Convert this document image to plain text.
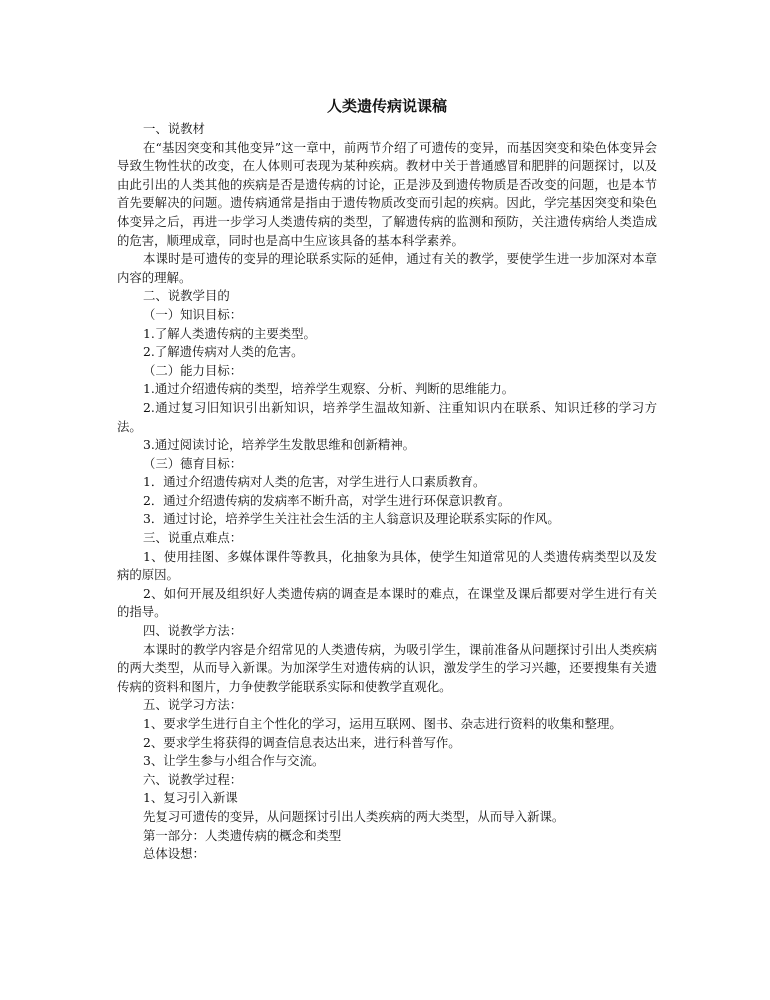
人类遗传病说课稿

一、说教材

在“基因突变和其他变异”这一章中，前两节介绍了可遗传的变异，而基因突变和染色体变异会导致生物性状的改变，在人体则可表现为某种疾病。教材中关于普通感冒和肥胖的问题探讨，以及由此引出的人类其他的疾病是否是遗传病的讨论，正是涉及到遗传物质是否改变的问题，也是本节首先要解决的问题。遗传病通常是指由于遗传物质改变而引起的疾病。因此，学完基因突变和染色体变异之后，再进一步学习人类遗传病的类型，了解遗传病的监测和预防，关注遗传病给人类造成的危害，顺理成章，同时也是高中生应该具备的基本科学素养。

本课时是可遗传的变异的理论联系实际的延伸，通过有关的教学，要使学生进一步加深对本章内容的理解。

二、说教学目的

（一）知识目标：

1.了解人类遗传病的主要类型。

2.了解遗传病对人类的危害。

（二）能力目标：

1.通过介绍遗传病的类型，培养学生观察、分析、判断的思维能力。

2.通过复习旧知识引出新知识，培养学生温故知新、注重知识内在联系、知识迁移的学习方法。

3.通过阅读讨论，培养学生发散思维和创新精神。

（三）德育目标：

1．通过介绍遗传病对人类的危害，对学生进行人口素质教育。

2．通过介绍遗传病的发病率不断升高，对学生进行环保意识教育。

3．通过讨论，培养学生关注社会生活的主人翁意识及理论联系实际的作风。

三、说重点难点：

1、使用挂图、多媒体课件等教具，化抽象为具体，使学生知道常见的人类遗传病类型以及发病的原因。

2、如何开展及组织好人类遗传病的调查是本课时的难点，在课堂及课后都要对学生进行有关的指导。

四、说教学方法：

本课时的教学内容是介绍常见的人类遗传病，为吸引学生，课前准备从问题探讨引出人类疾病的两大类型，从而导入新课。为加深学生对遗传病的认识，激发学生的学习兴趣，还要搜集有关遗传病的资料和图片，力争使教学能联系实际和使教学直观化。

五、说学习方法：

1、要求学生进行自主个性化的学习，运用互联网、图书、杂志进行资料的收集和整理。

2、要求学生将获得的调查信息表达出来，进行科普写作。

3、让学生参与小组合作与交流。

六、说教学过程：

1、复习引入新课

先复习可遗传的变异，从问题探讨引出人类疾病的两大类型，从而导入新课。

第一部分：人类遗传病的概念和类型

总体设想：
